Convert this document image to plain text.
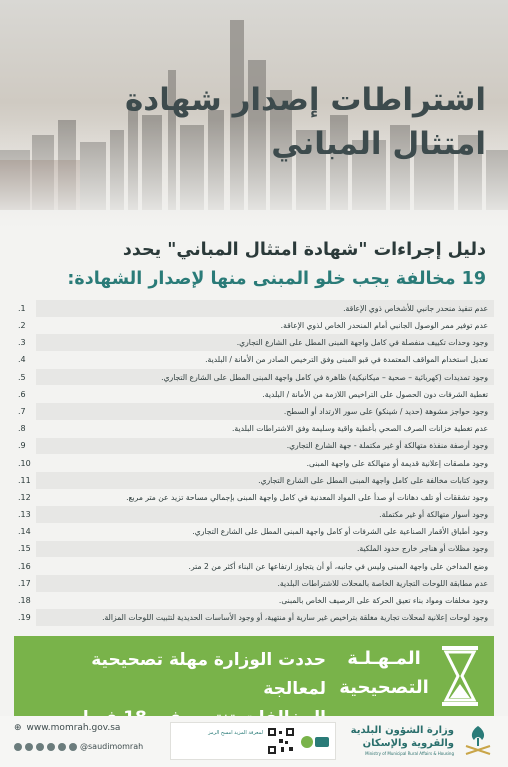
اشتراطات إصدار شهادة
امتثال المباني
دليل إجراءات "شهادة امتثال المباني" يحدد
19 مخالفة يجب خلو المبنى منها لإصدار الشهادة:
عدم تنفيذ منحدر جانبي للأشخاص ذوي الإعاقة.
.1
عدم توفير ممر الوصول الجانبي أمام المنحدر الخاص لذوي الإعاقة.
.2
وجود وحدات تكييف منفصلة في كامل واجهة المبنى المطل على الشارع التجاري.
.3
تعديل استخدام المواقف المعتمدة في قبو المبنى وفق الترخيص الصادر من الأمانة / البلدية.
.4
وجود تمديدات (كهربائية – صحية – ميكانيكية) ظاهرة في كامل واجهة المبنى المطل على الشارع التجاري.
.5
تغطية الشرفات دون الحصول على التراخيص اللازمة من الأمانة / البلدية.
.6
وجود حواجز مشوهة (حديد / شينكو) على سور الارتداد أو السطح.
.7
عدم تغطية خزانات الصرف الصحي بأغطية واقية وسليمة وفق الاشتراطات البلدية.
.8
وجود أرصفة منفذة متهالكة أو غير مكتملة - جهة الشارع التجاري.
.9
وجود ملصقات إعلانية قديمة أو متهالكة على واجهة المبنى.
.10
وجود كتابات مخالفة على كامل واجهة المبنى المطل على الشارع التجاري.
.11
وجود تشققات أو تلف دهانات أو صدأ على المواد المعدنية في كامل واجهة المبنى بإجمالي مساحة تزيد عن متر مربع.
.12
وجود أسوار متهالكة أو غير مكتملة.
.13
وجود أطباق الأقمار الصناعية على الشرفات أو كامل واجهة المبنى المطل على الشارع التجاري.
.14
وجود مظلات أو هناجر خارج حدود الملكية.
.15
وضع المداخن على واجهة المبنى وليس في جانبه، أو أن يتجاوز ارتفاعها عن البناء أكثر من 2 متر.
.16
عدم مطابقة اللوحات التجارية الخاصة بالمحلات للاشتراطات البلدية.
.17
وجود مخلفات ومواد بناء تعيق الحركة على الرصيف الخاص بالمبنى.
.18
وجود لوحات إعلانية لمحلات تجارية مغلقة بتراخيص غير سارية أو منتهية، أو وجود الأساسات الحديدية لتثبيت اللوحات المزالة.
.19
حددت الوزارة مهلة تصحيحية لمعالجة
المـهـلـة
التصحيحية
⊕ www.momrah.gov.sa
@saudimomrah
لمعرفة المزيد امسح الرمز	وزارة الشؤون البلدية
والقروية والإسكان
Ministry of Municipal Rural Affairs & Housing
